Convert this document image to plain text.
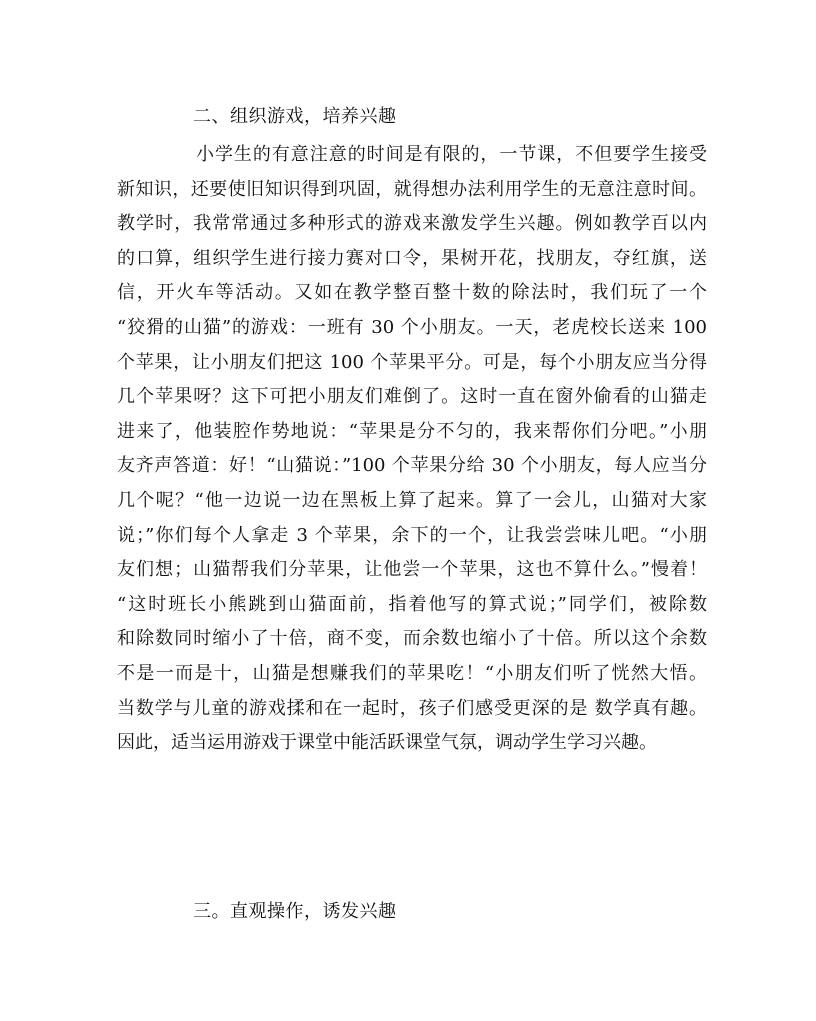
二、组织游戏，培养兴趣
小学生的有意注意的时间是有限的，一节课，不但要学生接受
新知识，还要使旧知识得到巩固，就得想办法利用学生的无意注意时间。
教学时，我常常通过多种形式的游戏来激发学生兴趣。例如教学百以内
的口算，组织学生进行接力赛对口令，果树开花，找朋友，夺红旗，送
信，开火车等活动。又如在教学整百整十数的除法时，我们玩了一个
“狡猾的山猫”的游戏：一班有 30 个小朋友。一天，老虎校长送来 100
个苹果，让小朋友们把这 100 个苹果平分。可是，每个小朋友应当分得
几个苹果呀？这下可把小朋友们难倒了。这时一直在窗外偷看的山猫走
进来了，他装腔作势地说：“苹果是分不匀的，我来帮你们分吧。”小朋
友齐声答道：好！“山猫说：”100 个苹果分给 30 个小朋友，每人应当分
几个呢？“他一边说一边在黑板上算了起来。算了一会儿，山猫对大家
说；”你们每个人拿走 3 个苹果，余下的一个，让我尝尝味儿吧。“小朋
友们想；山猫帮我们分苹果，让他尝一个苹果，这也不算什么。”慢着！
“这时班长小熊跳到山猫面前，指着他写的算式说；”同学们，被除数
和除数同时缩小了十倍，商不变，而余数也缩小了十倍。所以这个余数
不是一而是十，山猫是想赚我们的苹果吃！“小朋友们听了恍然大悟。
当数学与儿童的游戏揉和在一起时，孩子们感受更深的是 数学真有趣。
因此，适当运用游戏于课堂中能活跃课堂气氛，调动学生学习兴趣。
三。直观操作，诱发兴趣
